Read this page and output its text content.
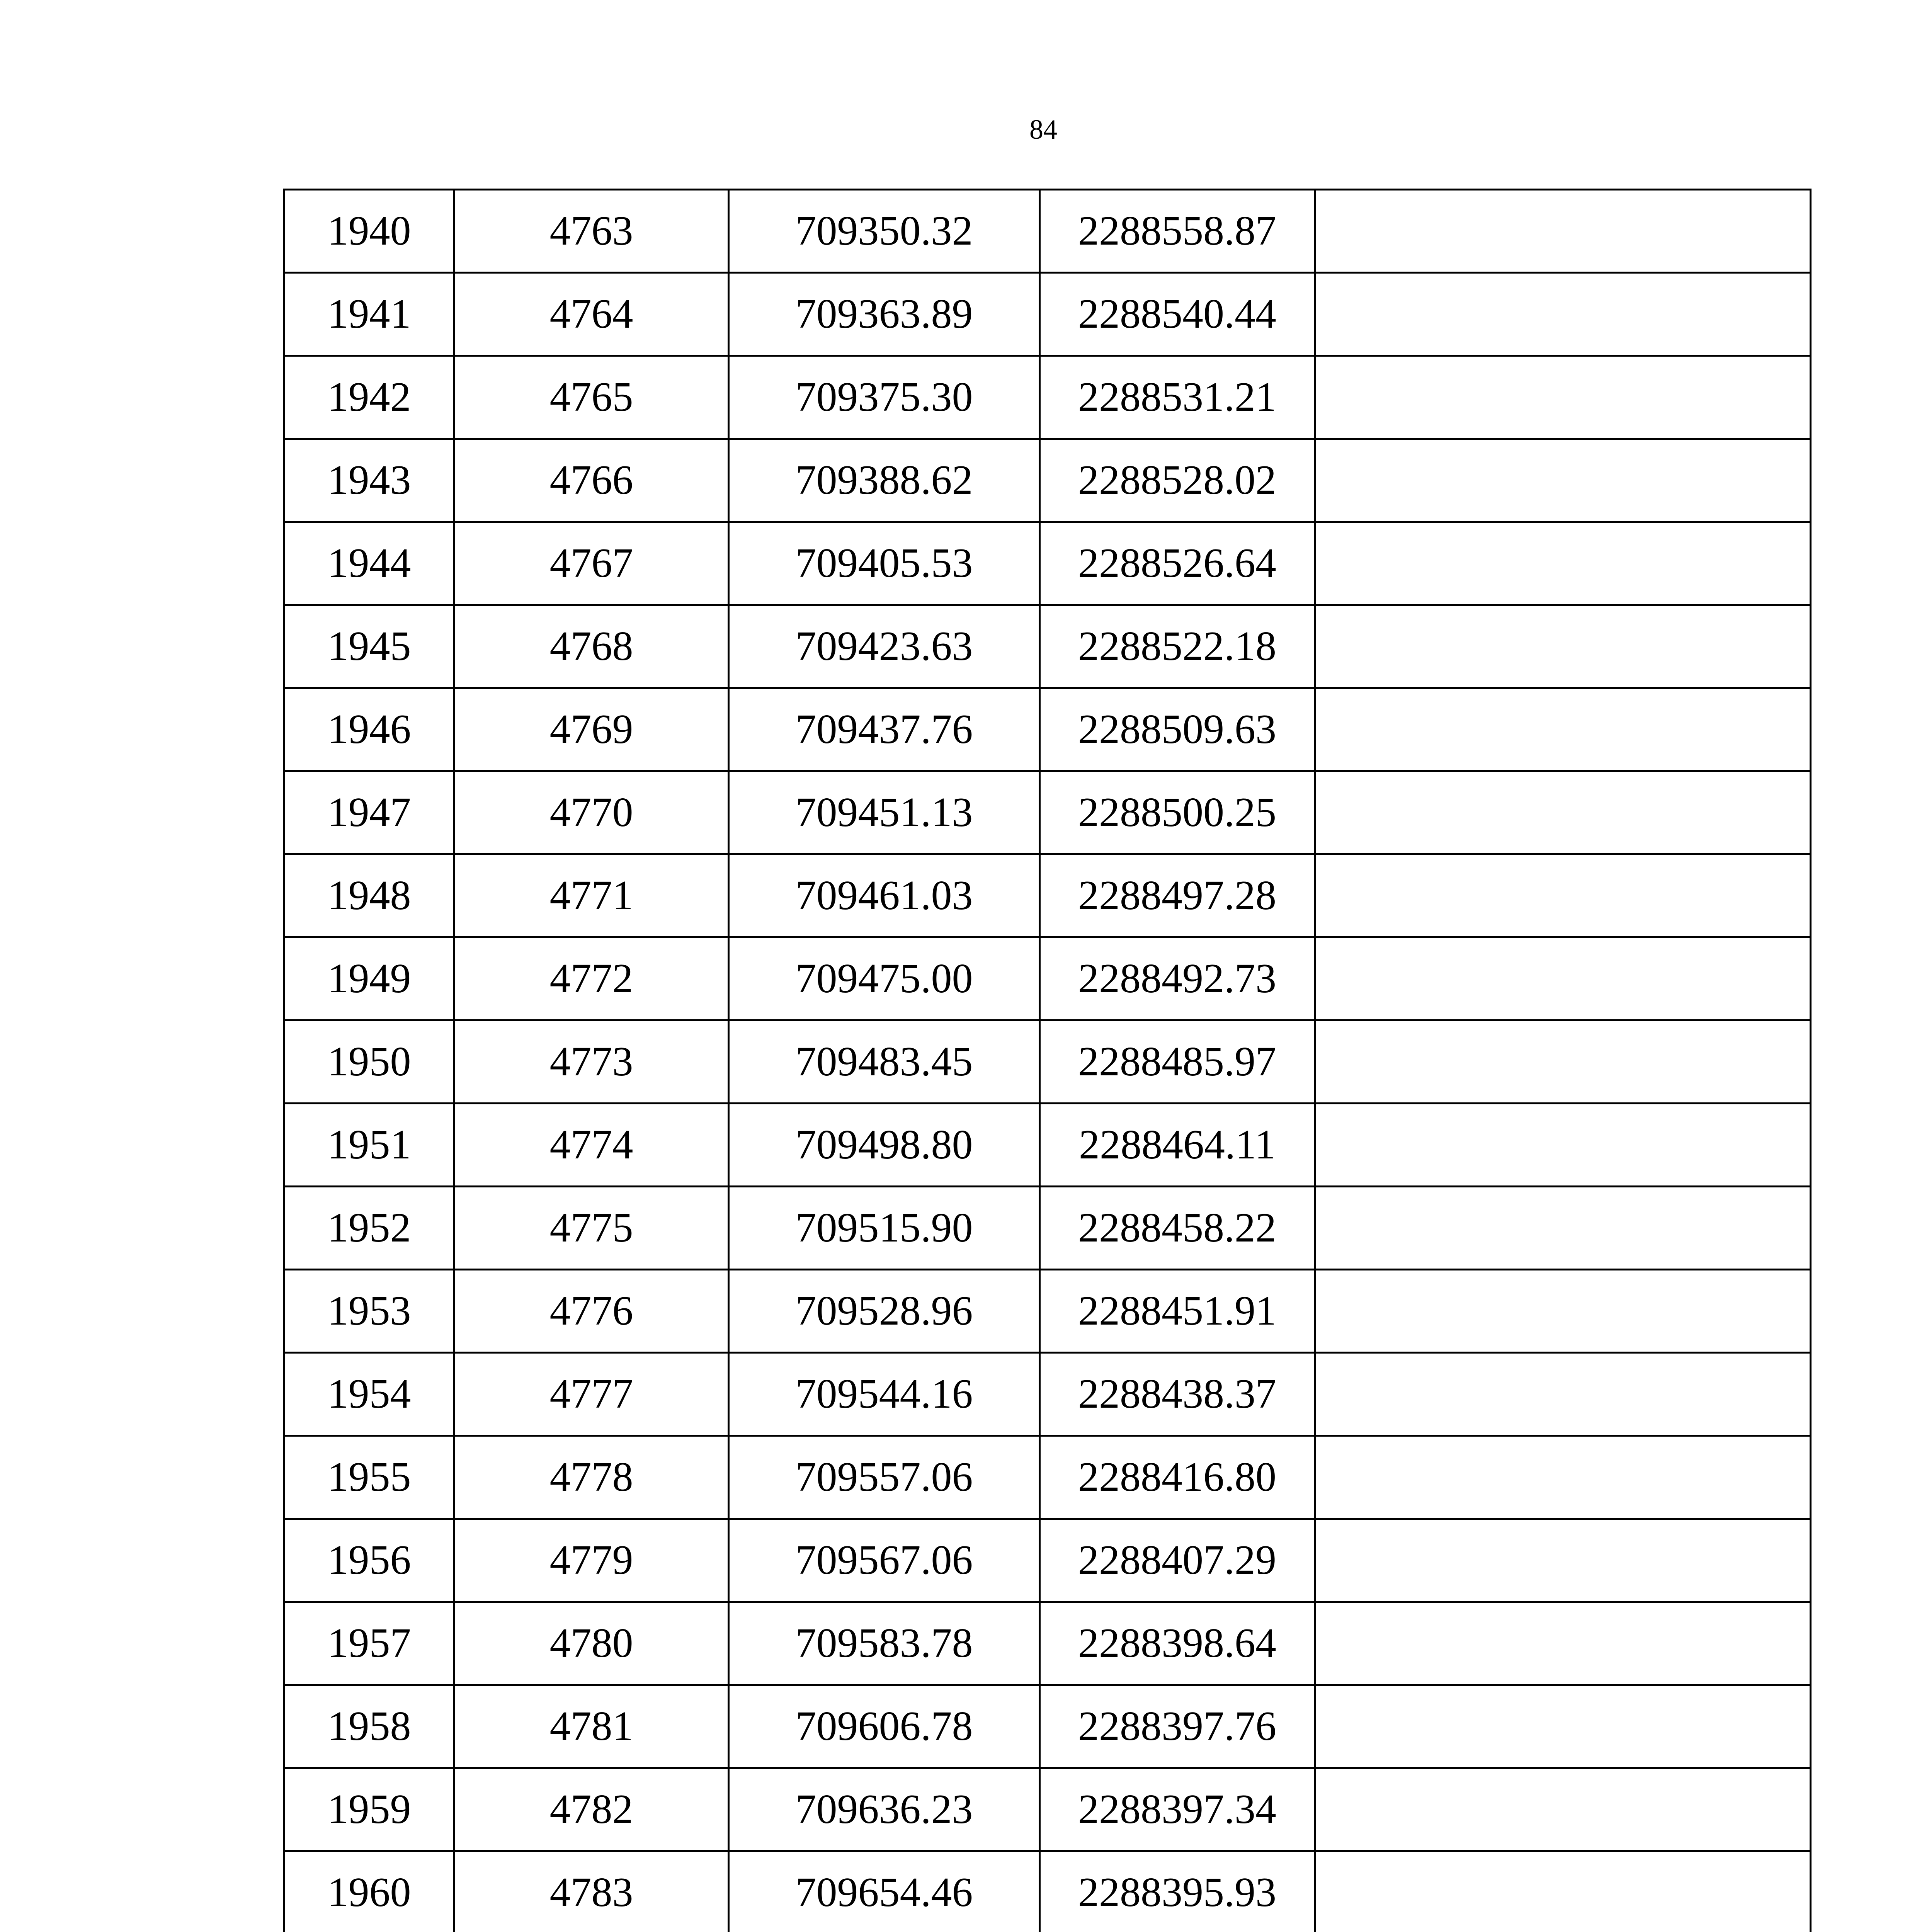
84
1940	4763	709350.32	2288558.87	
1941	4764	709363.89	2288540.44	
1942	4765	709375.30	2288531.21	
1943	4766	709388.62	2288528.02	
1944	4767	709405.53	2288526.64	
1945	4768	709423.63	2288522.18	
1946	4769	709437.76	2288509.63	
1947	4770	709451.13	2288500.25	
1948	4771	709461.03	2288497.28	
1949	4772	709475.00	2288492.73	
1950	4773	709483.45	2288485.97	
1951	4774	709498.80	2288464.11	
1952	4775	709515.90	2288458.22	
1953	4776	709528.96	2288451.91	
1954	4777	709544.16	2288438.37	
1955	4778	709557.06	2288416.80	
1956	4779	709567.06	2288407.29	
1957	4780	709583.78	2288398.64	
1958	4781	709606.78	2288397.76	
1959	4782	709636.23	2288397.34	
1960	4783	709654.46	2288395.93	
